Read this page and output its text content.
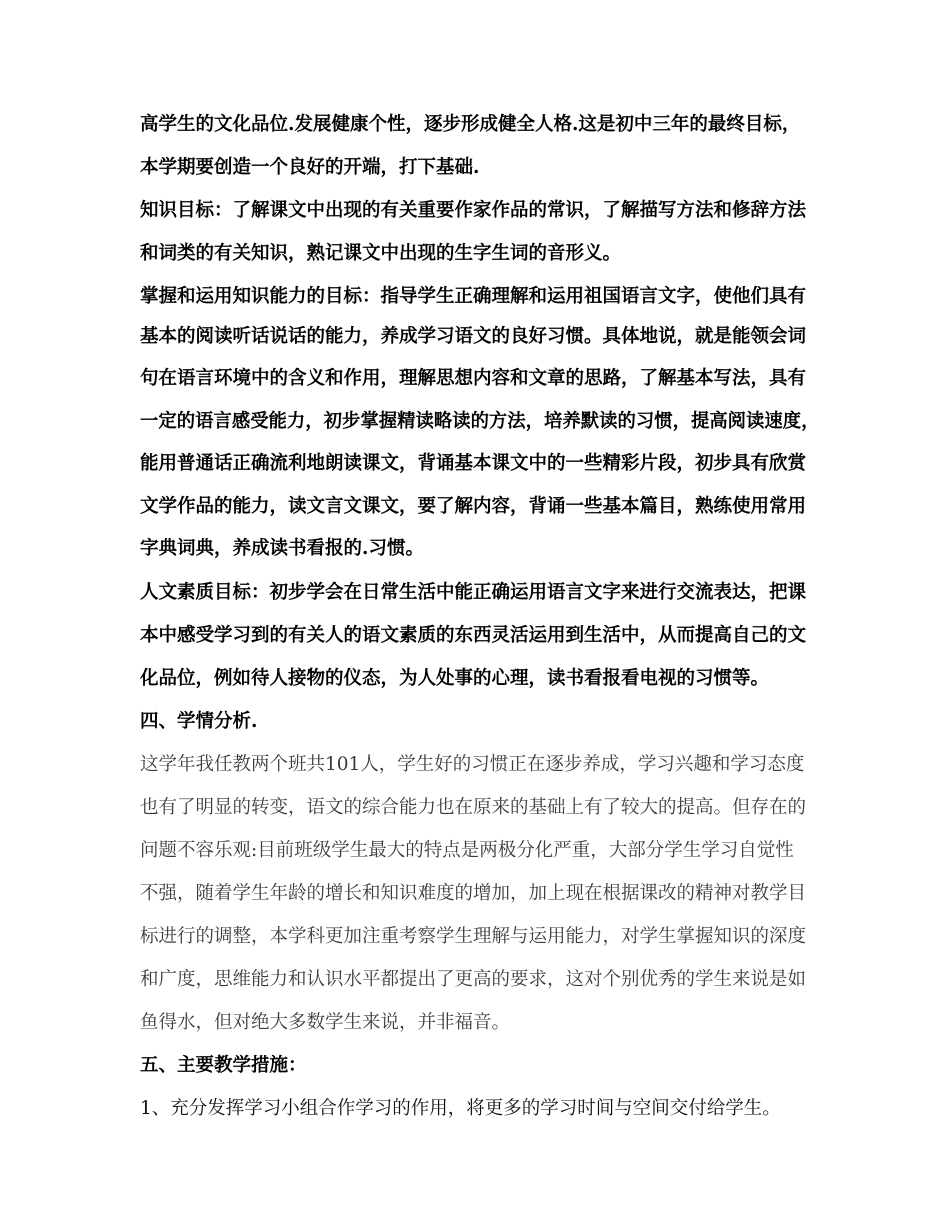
高学生的文化品位.发展健康个性，逐步形成健全人格.这是初中三年的最终目标，
本学期要创造一个良好的开端，打下基础.
知识目标：了解课文中出现的有关重要作家作品的常识，了解描写方法和修辞方法
和词类的有关知识，熟记课文中出现的生字生词的音形义。
掌握和运用知识能力的目标：指导学生正确理解和运用祖国语言文字，使他们具有
基本的阅读听话说话的能力，养成学习语文的良好习惯。具体地说，就是能领会词
句在语言环境中的含义和作用，理解思想内容和文章的思路，了解基本写法，具有
一定的语言感受能力，初步掌握精读略读的方法，培养默读的习惯，提高阅读速度，
能用普通话正确流利地朗读课文，背诵基本课文中的一些精彩片段，初步具有欣赏
文学作品的能力，读文言文课文，要了解内容，背诵一些基本篇目，熟练使用常用
字典词典，养成读书看报的.习惯。
人文素质目标：初步学会在日常生活中能正确运用语言文字来进行交流表达，把课
本中感受学习到的有关人的语文素质的东西灵活运用到生活中，从而提高自己的文
化品位，例如待人接物的仪态，为人处事的心理，读书看报看电视的习惯等。
四、学情分析.
这学年我任教两个班共101人，学生好的习惯正在逐步养成，学习兴趣和学习态度
也有了明显的转变，语文的综合能力也在原来的基础上有了较大的提高。但存在的
问题不容乐观:目前班级学生最大的特点是两极分化严重，大部分学生学习自觉性
不强，随着学生年龄的增长和知识难度的增加，加上现在根据课改的精神对教学目
标进行的调整，本学科更加注重考察学生理解与运用能力，对学生掌握知识的深度
和广度，思维能力和认识水平都提出了更高的要求，这对个别优秀的学生来说是如
鱼得水，但对绝大多数学生来说，并非福音。
五、主要教学措施：
1、充分发挥学习小组合作学习的作用，将更多的学习时间与空间交付给学生。
